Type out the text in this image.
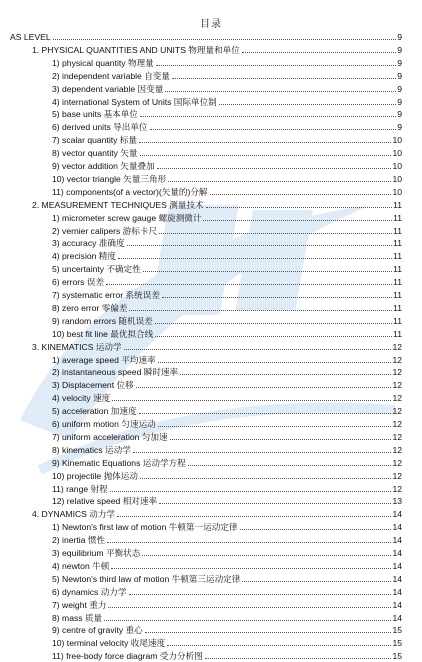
目录
AS LEVEL	9
1. PHYSICAL QUANTITIES AND UNITS 物理量和单位	9
1) physical quantity 物理量	9
2) independent variable 自变量	9
3) dependent variable 因变量	9
4) international System of Units 国际单位制	9
5) base units 基本单位	9
6) derived units 导出单位	9
7) scalar quantity 标量	10
8) vector quantity 矢量	10
9) vector addition 矢量叠加	10
10) vector triangle 矢量三角形	10
11) components(of a vector)(矢量的)分解	10
2. MEASUREMENT TECHNIQUES 测量技术	11
1) micrometer screw gauge 螺旋测微计	11
2) vernier calipers 游标卡尺	11
3) accuracy 准确度	11
4) precision 精度	11
5) uncertainty 不确定性	11
6) errors 误差	11
7) systematic error 系统误差	11
8) zero error 零偏差	11
9) random errors 随机误差	11
10) best fit line 最优拟合线	11
3. KINEMATICS 运动学	12
1) average speed 平均速率	12
2) instantaneous speed 瞬时速率	12
3) Displacement 位移	12
4) velocity 速度	12
5) acceleration 加速度	12
6) uniform motion 匀速运动	12
7) uniform acceleration 匀加速	12
8) kinematics 运动学	12
9) Kinematic Equations 运动学方程	12
10) projectile 抛体运动	12
11) range 射程	12
12) relative speed 相对速率	13
4. DYNAMICS 动力学	14
1) Newton's first law of motion 牛顿第一运动定律	14
2) inertia 惯性	14
3) equilibrium 平衡状态	14
4) newton 牛顿	14
5) Newton's third law of motion 牛顿第三运动定律	14
6) dynamics 动力学	14
7) weight 重力	14
8) mass 质量	14
9) centre of gravity 重心	15
10) terminal velocity 收尾速度	15
11) free-body force diagram 受力分析图	15
